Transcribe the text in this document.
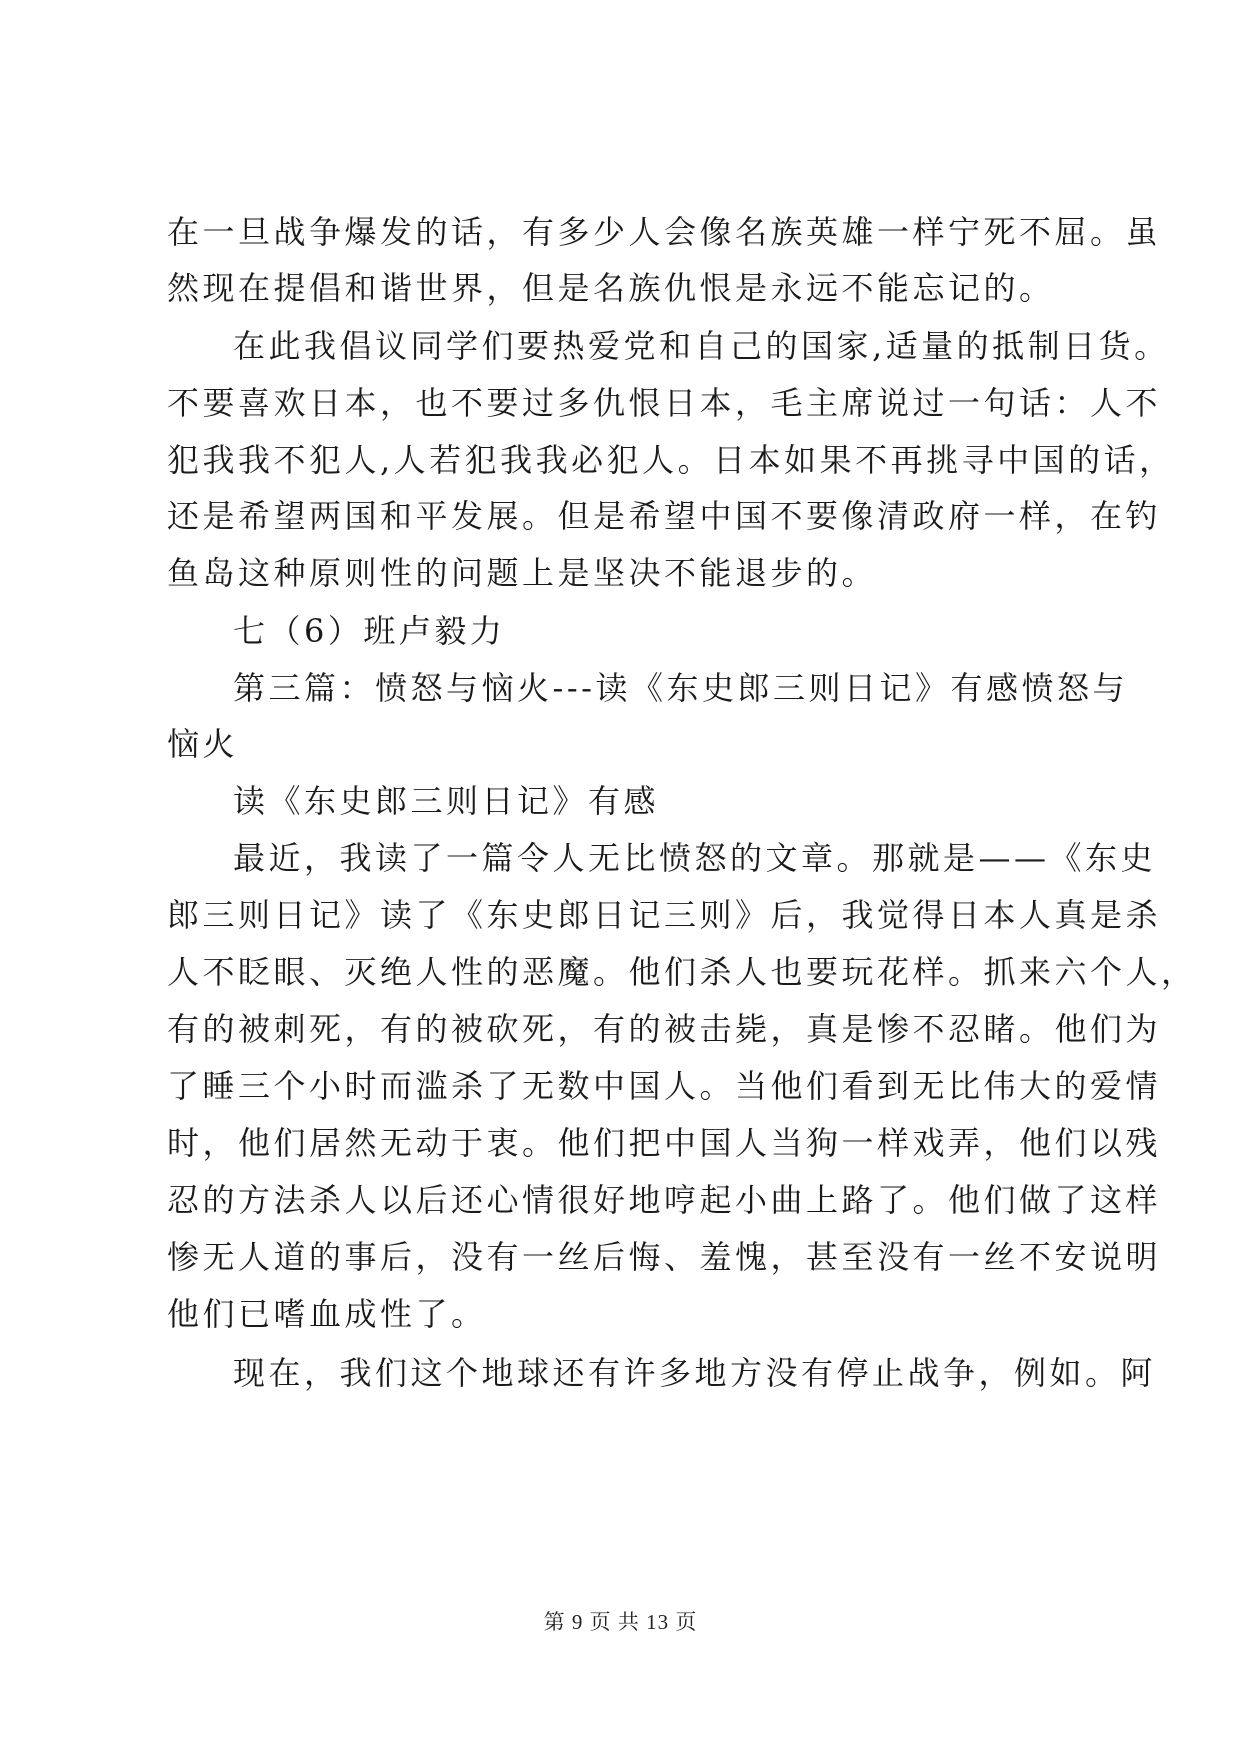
在一旦战争爆发的话，有多少人会像名族英雄一样宁死不屈。虽
然现在提倡和谐世界，但是名族仇恨是永远不能忘记的。
在此我倡议同学们要热爱党和自己的国家,适量的抵制日货。
不要喜欢日本，也不要过多仇恨日本，毛主席说过一句话：人不
犯我我不犯人,人若犯我我必犯人。日本如果不再挑寻中国的话，
还是希望两国和平发展。但是希望中国不要像清政府一样，在钓
鱼岛这种原则性的问题上是坚决不能退步的。
七（6）班卢毅力
第三篇：愤怒与恼火---读《东史郎三则日记》有感愤怒与
恼火
读《东史郎三则日记》有感
最近，我读了一篇令人无比愤怒的文章。那就是——《东史
郎三则日记》读了《东史郎日记三则》后，我觉得日本人真是杀
人不眨眼、灭绝人性的恶魔。他们杀人也要玩花样。抓来六个人，
有的被刺死，有的被砍死，有的被击毙，真是惨不忍睹。他们为
了睡三个小时而滥杀了无数中国人。当他们看到无比伟大的爱情
时，他们居然无动于衷。他们把中国人当狗一样戏弄，他们以残
忍的方法杀人以后还心情很好地哼起小曲上路了。他们做了这样
惨无人道的事后，没有一丝后悔、羞愧，甚至没有一丝不安说明
他们已嗜血成性了。
现在，我们这个地球还有许多地方没有停止战争，例如。阿
第 9 页 共 13 页
